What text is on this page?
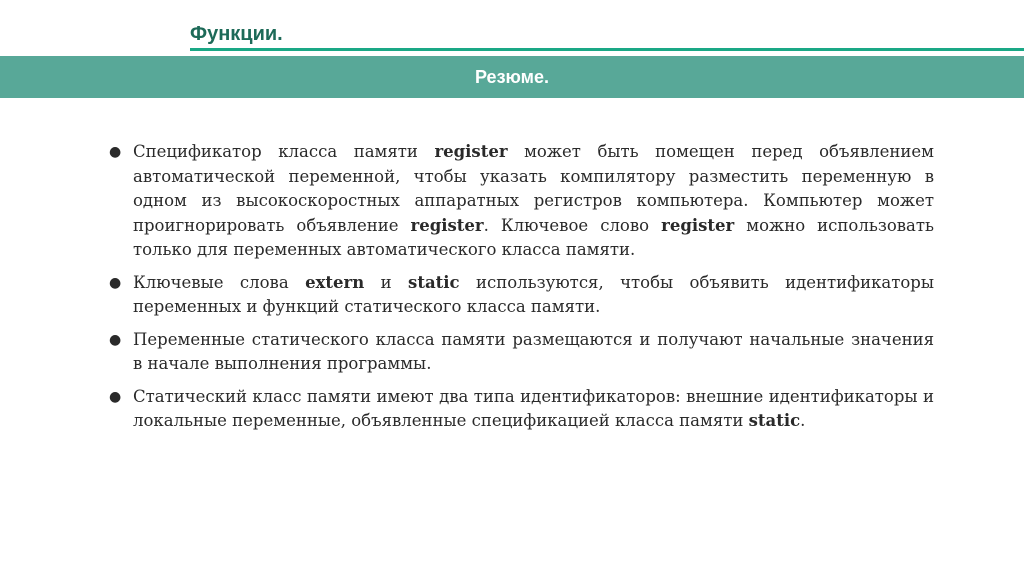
Функции.
Резюме.
● Спецификатор класса памяти register может быть помещен перед объявлением автоматической переменной, чтобы указать компилятору разместить переменную в одном из высокоскоростных аппаратных регистров компьютера. Компьютер может проигнорировать объявление register. Ключевое слово register можно использовать только для переменных автоматического класса памяти.
● Ключевые слова extern и static используются, чтобы объявить идентификаторы переменных и функций статического класса памяти.
● Переменные статического класса памяти размещаются и получают начальные значения в начале выполнения программы.
● Статический класс памяти имеют два типа идентификаторов: внешние идентификаторы и локальные переменные, объявленные спецификацией класса памяти static.
